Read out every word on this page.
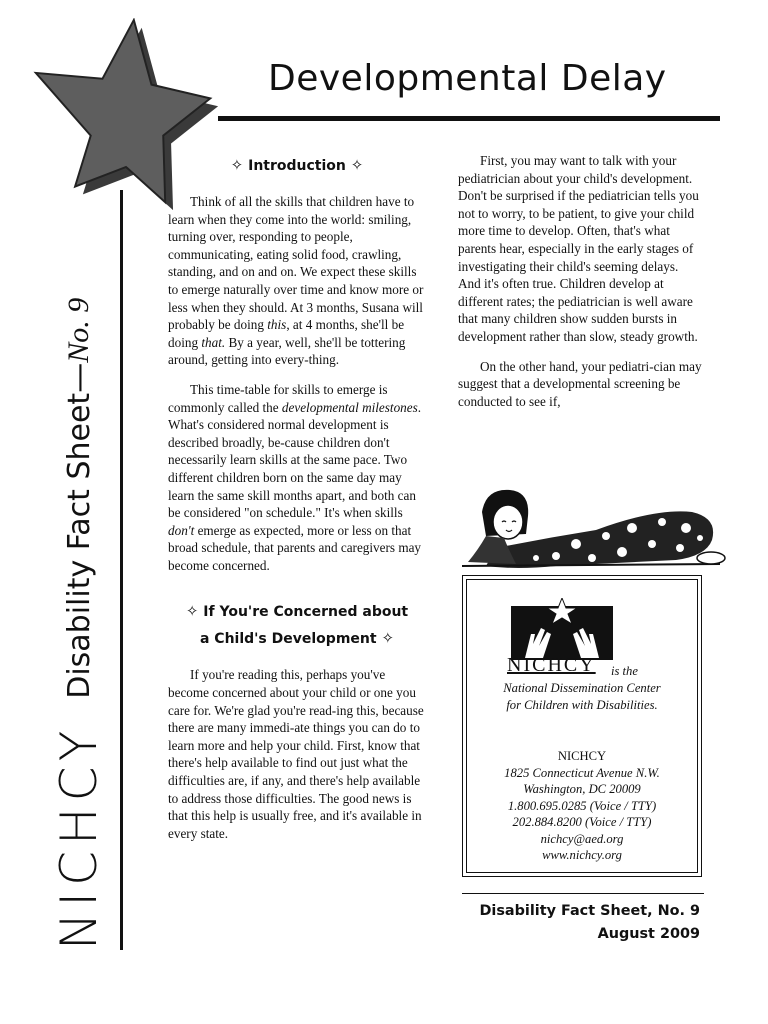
Developmental Delay
NICHCY
Disability Fact Sheet—
No. 9
✧ Introduction ✧

Think of all the skills that children have to learn when they come into the world: smiling, turning over, responding to people, communicating, eating solid food, crawling, standing, and on and on. We expect these skills to emerge naturally over time and know more or less when they should. At 3 months, Susana will probably be doing this, at 4 months, she'll be doing that. By a year, well, she'll be tottering around, getting into every-thing.

This time-table for skills to emerge is commonly called the developmental milestones. What's considered normal development is described broadly, be-cause children don't necessarily learn skills at the same pace. Two different children born on the same day may learn the same skill months apart, and both can be considered "on schedule." It's when skills don't emerge as expected, more or less on that broad schedule, that parents and caregivers may become concerned.

✧ If You're Concerned about
a Child's Development ✧

If you're reading this, perhaps you've become concerned about your child or one you care for. We're glad you're read-ing this, because there are many immedi-ate things you can do to learn more and help your child. First, know that there's help available to find out just what the difficulties are, if any, and there's help available to address those difficulties. The good news is that this help is usually free, and it's available in every state.

First, you may want to talk with your pediatrician about your child's development. Don't be surprised if the pediatrician tells you not to worry, to be patient, to give your child more time to develop. Often, that's what parents hear, especially in the early stages of investigating their child's seeming delays. And it's often true. Children develop at different rates; the pediatrician is well aware that many children show sudden bursts in development rather than slow, steady growth.

On the other hand, your pediatri-cian may suggest that a developmental screening be conducted to see if,

NICHCY is the
National Dissemination Center
for Children with Disabilities.
NICHCY
1825 Connecticut Avenue N.W.
Washington, DC 20009
1.800.695.0285 (Voice / TTY)
202.884.8200 (Voice / TTY)
nichcy@aed.org
www.nichcy.org
Disability Fact Sheet, No. 9
August 2009
